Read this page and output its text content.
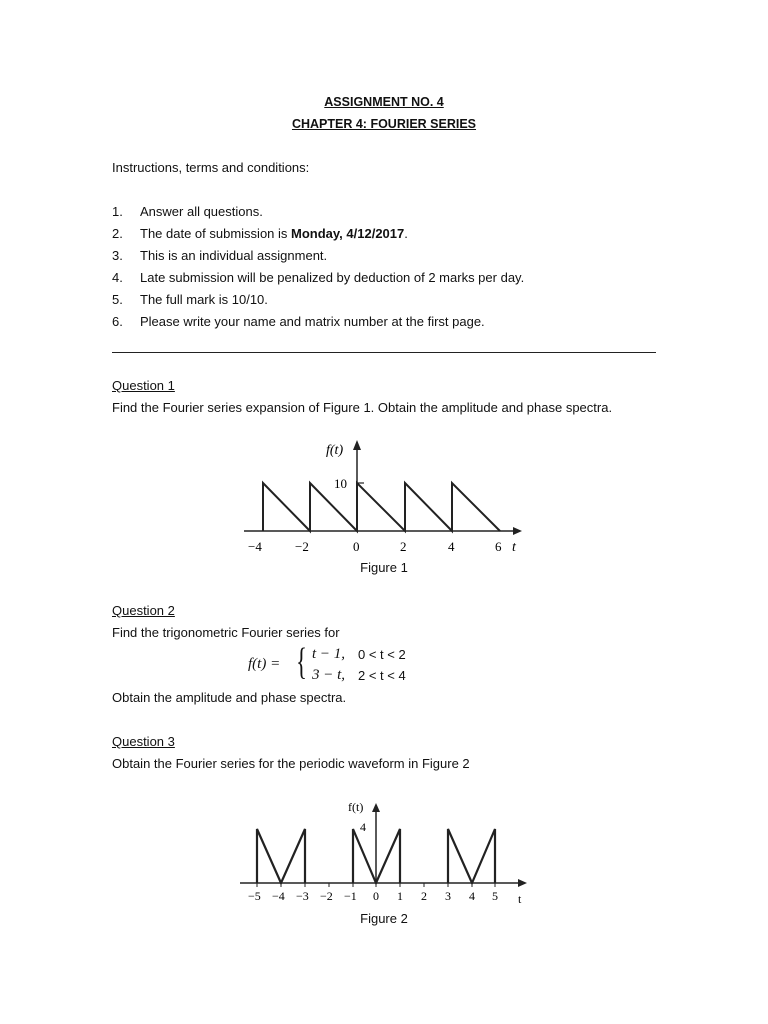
ASSIGNMENT NO. 4
CHAPTER 4: FOURIER SERIES
Instructions, terms and conditions:
1. Answer all questions.
2. The date of submission is Monday, 4/12/2017.
3. This is an individual assignment.
4. Late submission will be penalized by deduction of 2 marks per day.
5. The full mark is 10/10.
6. Please write your name and matrix number at the first page.
Question 1
Find the Fourier series expansion of Figure 1. Obtain the amplitude and phase spectra.
f(t)
10
−4	−2	0	2	4	6 t
Figure 1
Question 2
Find the trigonometric Fourier series for
f(t) = { t − 1, 0 < t < 2
3 − t, 2 < t < 4
Obtain the amplitude and phase spectra.
Question 3
Obtain the Fourier series for the periodic waveform in Figure 2
f(t)
4
−5 −4 −3 −2 −1 0 1 2 3 4 5 t
Figure 2
